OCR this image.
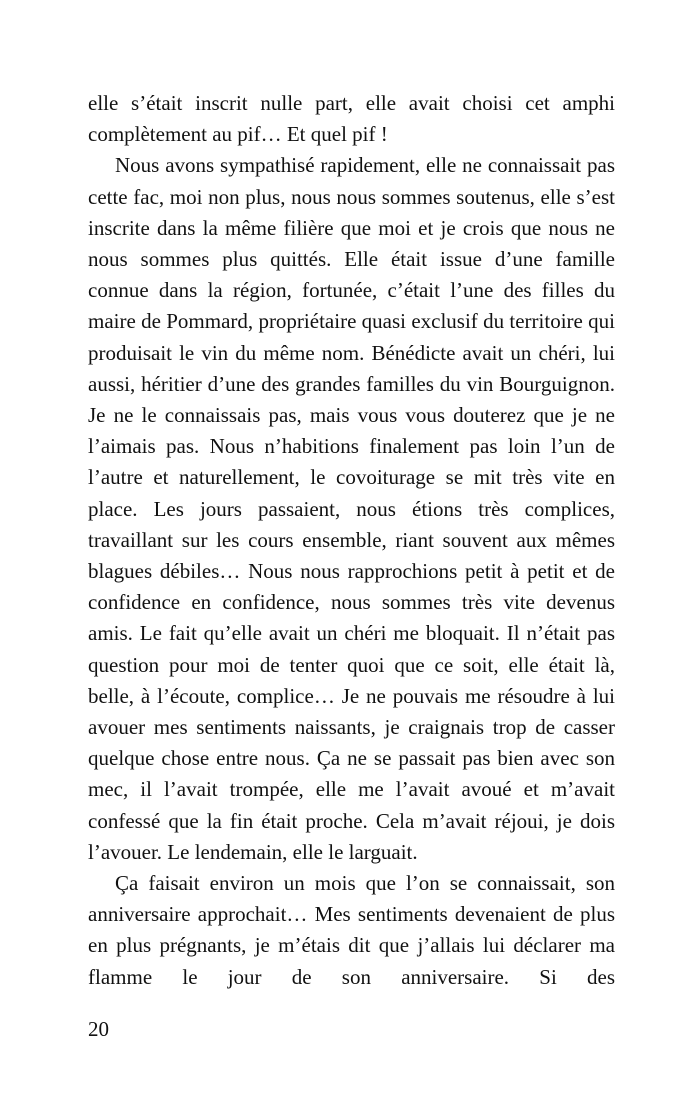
elle s’était inscrit nulle part, elle avait choisi cet amphi complètement au pif… Et quel pif !

Nous avons sympathisé rapidement, elle ne connaissait pas cette fac, moi non plus, nous nous sommes soutenus, elle s’est inscrite dans la même filière que moi et je crois que nous ne nous sommes plus quittés. Elle était issue d’une famille connue dans la région, fortunée, c’était l’une des filles du maire de Pommard, propriétaire quasi exclusif du territoire qui produisait le vin du même nom. Bénédicte avait un chéri, lui aussi, héritier d’une des grandes familles du vin Bourguignon. Je ne le connaissais pas, mais vous vous douterez que je ne l’aimais pas. Nous n’habitions finalement pas loin l’un de l’autre et naturellement, le covoiturage se mit très vite en place. Les jours passaient, nous étions très complices, travaillant sur les cours ensemble, riant souvent aux mêmes blagues débiles… Nous nous rapprochions petit à petit et de confidence en confidence, nous sommes très vite devenus amis. Le fait qu’elle avait un chéri me bloquait. Il n’était pas question pour moi de tenter quoi que ce soit, elle était là, belle, à l’écoute, complice… Je ne pouvais me résoudre à lui avouer mes sentiments naissants, je craignais trop de casser quelque chose entre nous. Ça ne se passait pas bien avec son mec, il l’avait trompée, elle me l’avait avoué et m’avait confessé que la fin était proche. Cela m’avait réjoui, je dois l’avouer. Le lendemain, elle le larguait.

Ça faisait environ un mois que l’on se connaissait, son anniversaire approchait… Mes sentiments devenaient de plus en plus prégnants, je m’étais dit que j’allais lui déclarer ma flamme le jour de son anniversaire. Si des

20
